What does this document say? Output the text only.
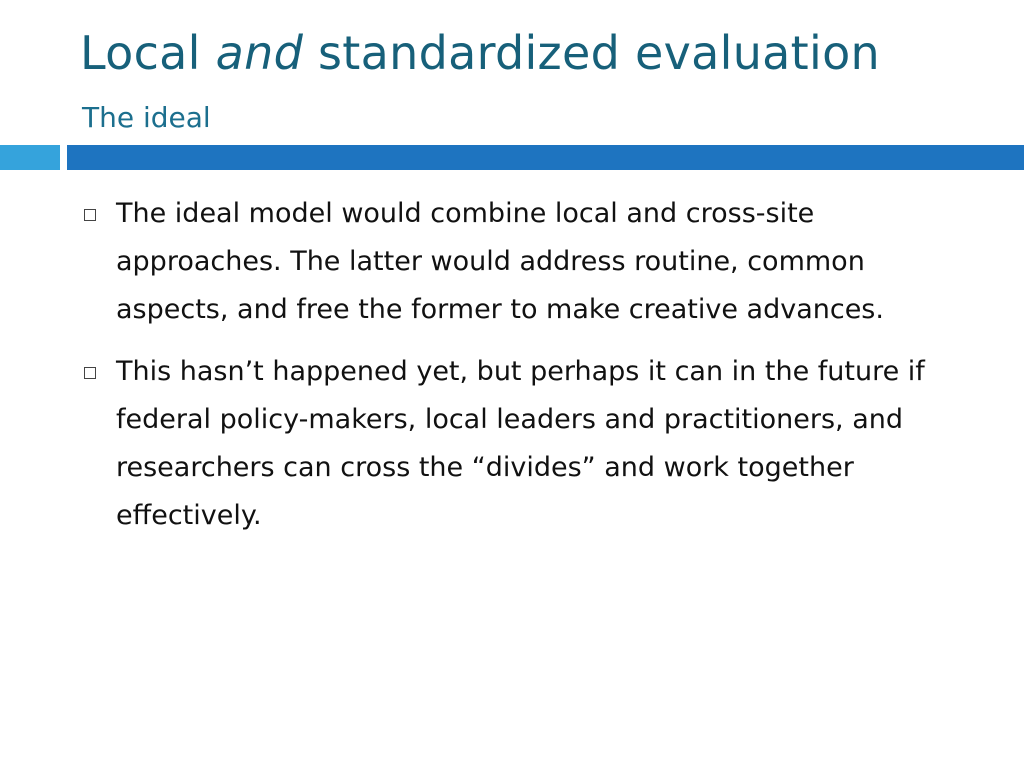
Local and standardized evaluation
The ideal
The ideal model would combine local and cross-site approaches. The latter would address routine, common aspects, and free the former to make creative advances.
This hasn’t happened yet, but perhaps it can in the future if federal policy-makers, local leaders and practitioners, and researchers can cross the “divides” and work together effectively.
